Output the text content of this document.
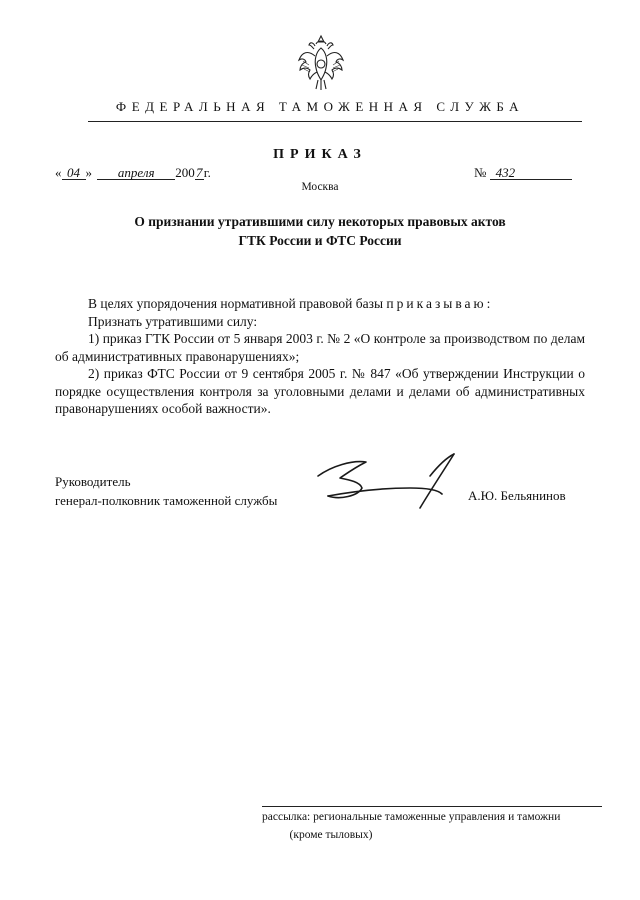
ФЕДЕРАЛЬНАЯ ТАМОЖЕННАЯ СЛУЖБА
ПРИКАЗ
« 04 » апреля 2007г.	№ 432
Москва
О признании утратившими силу некоторых правовых актов
ГТК России и ФТС России

В целях упорядочения нормативной правовой базы приказываю:

Признать утратившими силу:

1) приказ ГТК России от 5 января 2003 г. № 2 «О контроле за производством по делам об административных правонарушениях»;

2) приказ ФТС России от 9 сентября 2005 г. № 847 «Об утверждении Инструкции о порядке осуществления контроля за уголовными делами и делами об административных правонарушениях особой важности».

Руководитель
генерал-полковник таможенной службы	А.Ю. Бельянинов
рассылка: региональные таможенные управления и таможни
(кроме тыловых)
